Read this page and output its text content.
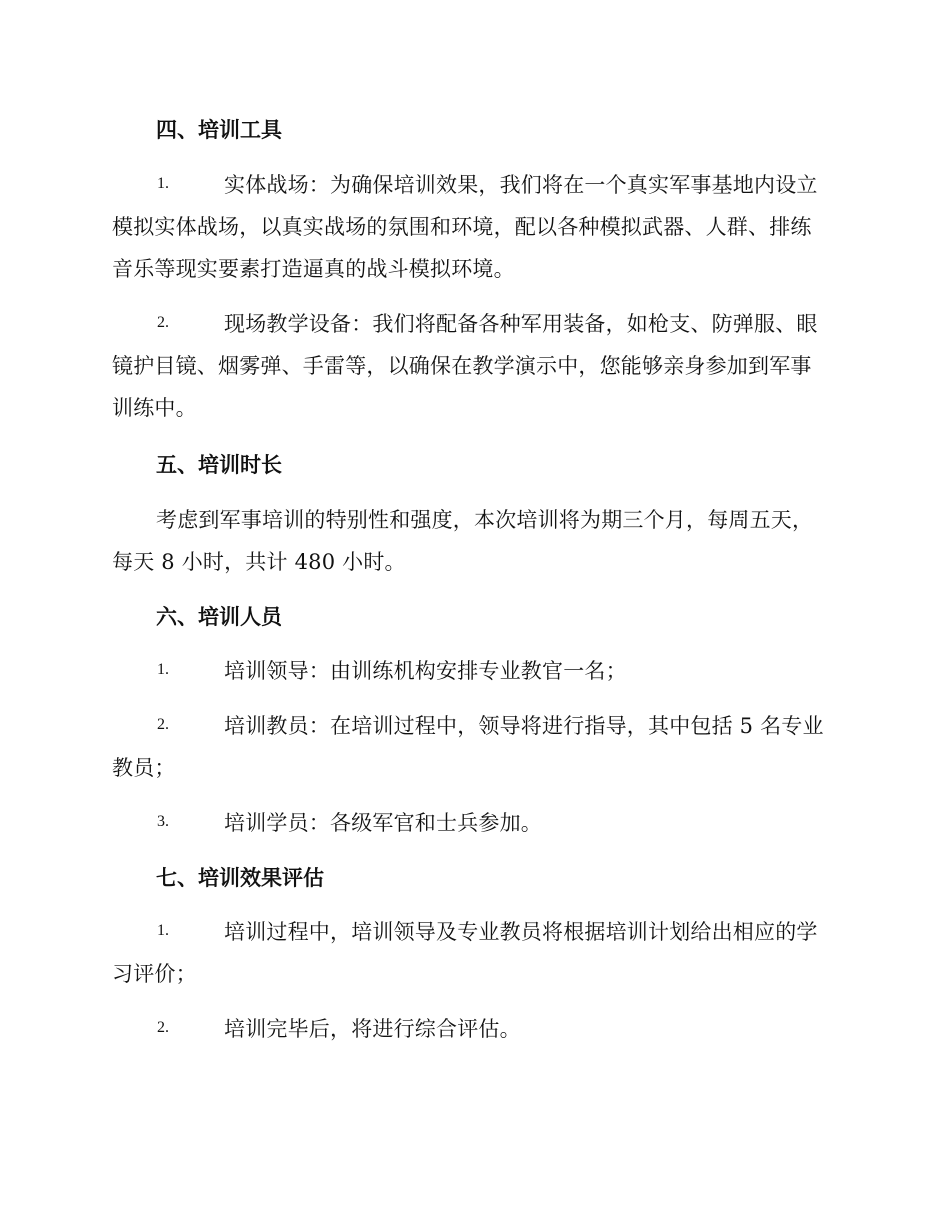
四、培训工具
1.	实体战场：为确保培训效果，我们将在一个真实军事基地内设立
模拟实体战场，以真实战场的氛围和环境，配以各种模拟武器、人群、排练
音乐等现实要素打造逼真的战斗模拟环境。
2.	现场教学设备：我们将配备各种军用装备，如枪支、防弹服、眼
镜护目镜、烟雾弹、手雷等，以确保在教学演示中，您能够亲身参加到军事
训练中。
五、培训时长
考虑到军事培训的特别性和强度，本次培训将为期三个月，每周五天，
每天 8 小时，共计 480 小时。
六、培训人员
1.	培训领导：由训练机构安排专业教官一名；
2.	培训教员：在培训过程中，领导将进行指导，其中包括 5 名专业
教员；
3.	培训学员：各级军官和士兵参加。
七、培训效果评估
1.	培训过程中，培训领导及专业教员将根据培训计划给出相应的学
习评价；
2.	培训完毕后，将进行综合评估。
